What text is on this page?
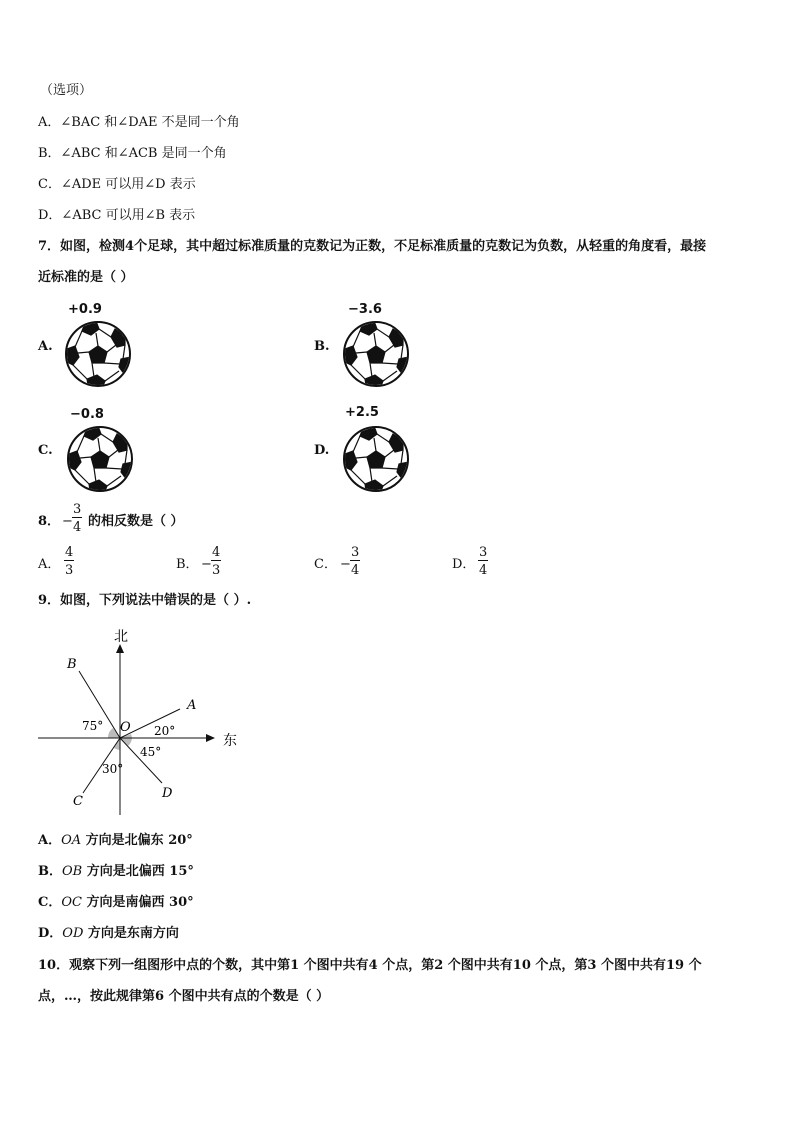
（选项）
A．∠BAC 和∠DAE 不是同一个角
B．∠ABC 和∠ACB 是同一个角
C．∠ADE 可以用∠D 表示
D．∠ABC 可以用∠B 表示
7．如图，检测4个足球，其中超过标准质量的克数记为正数，不足标准质量的克数记为负数，从轻重的角度看，最接
近标准的是（ ）
A.
+0.9
B.
−3.6
C.
−0.8
D.
+2.5
8． − $\frac{3}{4}$ 的相反数是（ ）
A． $\frac{4}{3}$	B． − $\frac{4}{3}$	C． − $\frac{3}{4}$	D． $\frac{3}{4}$
9．如图，下列说法中错误的是（ ）.
北
东
O
A
B
C
D
75°	20°
45°
30°
A．OA 方向是北偏东 20°
B．OB 方向是北偏西 15°
C．OC 方向是南偏西 30°
D．OD 方向是东南方向
10．观察下列一组图形中点的个数，其中第1 个图中共有4 个点，第2 个图中共有10 个点，第3 个图中共有19 个
点，…，按此规律第6 个图中共有点的个数是（ ）
